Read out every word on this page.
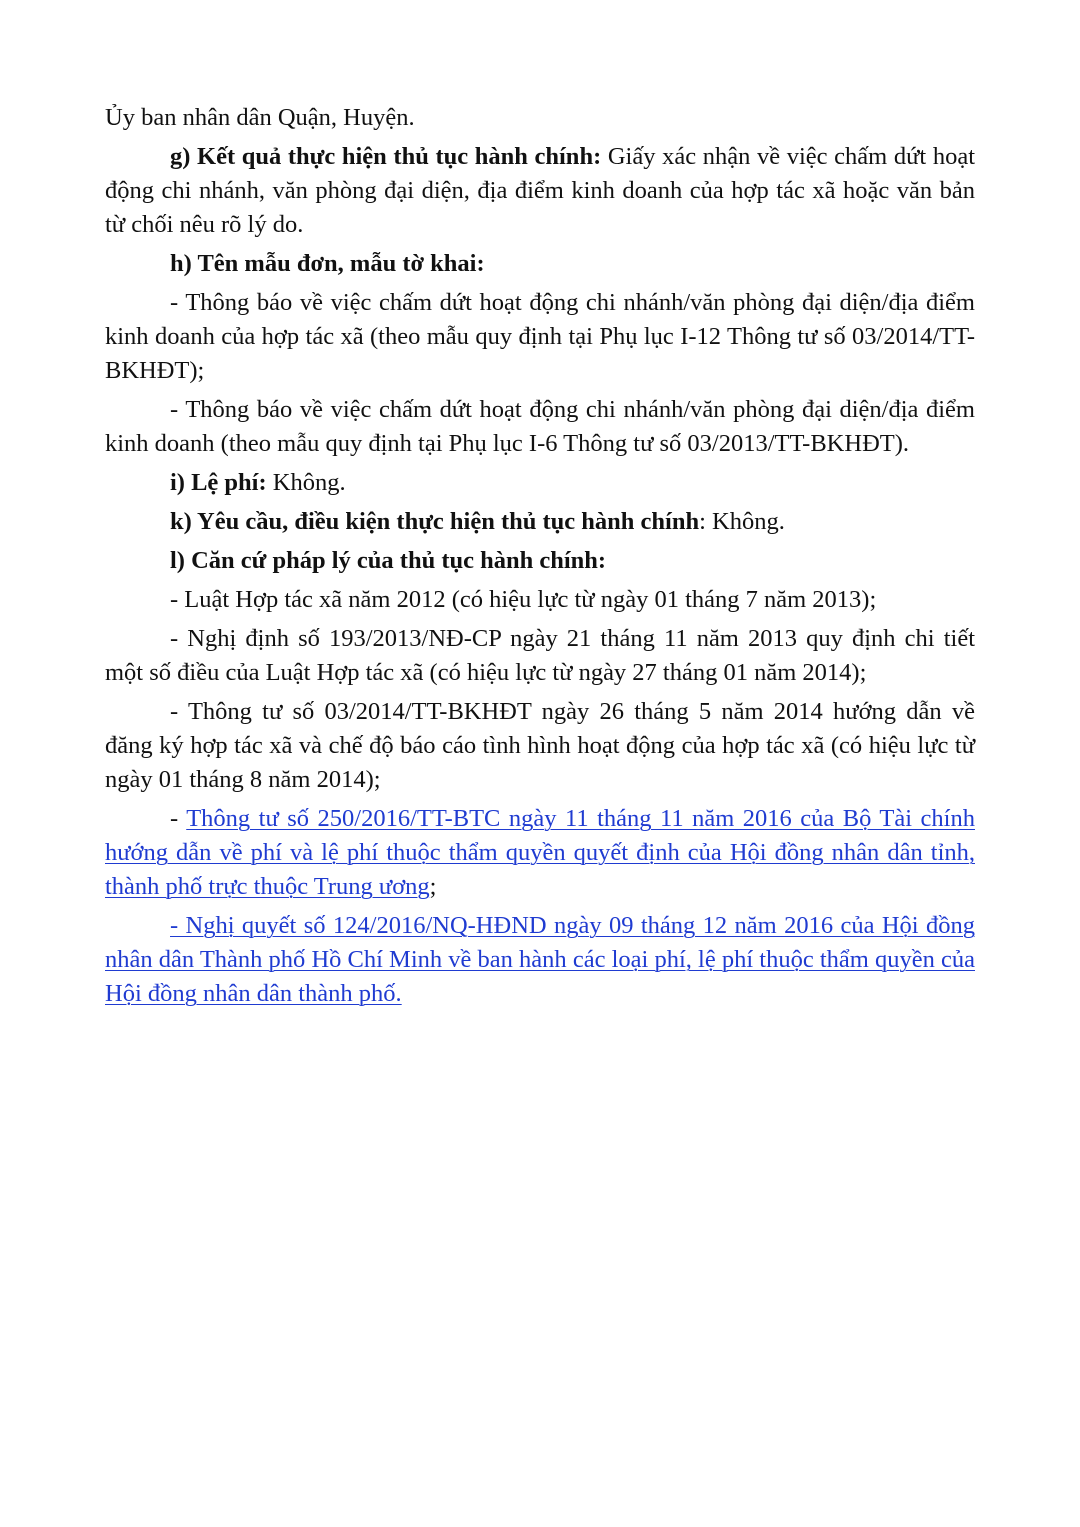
Ủy ban nhân dân Quận, Huyện.

g) Kết quả thực hiện thủ tục hành chính: Giấy xác nhận về việc chấm dứt hoạt động chi nhánh, văn phòng đại diện, địa điểm kinh doanh của hợp tác xã hoặc văn bản từ chối nêu rõ lý do.

h) Tên mẫu đơn, mẫu tờ khai:

- Thông báo về việc chấm dứt hoạt động chi nhánh/văn phòng đại diện/địa điểm kinh doanh của hợp tác xã (theo mẫu quy định tại Phụ lục I-12 Thông tư số 03/2014/TT-BKHĐT);

- Thông báo về việc chấm dứt hoạt động chi nhánh/văn phòng đại diện/địa điểm kinh doanh (theo mẫu quy định tại Phụ lục I-6 Thông tư số 03/2013/TT-BKHĐT).

i) Lệ phí: Không.

k) Yêu cầu, điều kiện thực hiện thủ tục hành chính: Không.

l) Căn cứ pháp lý của thủ tục hành chính:

- Luật Hợp tác xã năm 2012 (có hiệu lực từ ngày 01 tháng 7 năm 2013);

- Nghị định số 193/2013/NĐ-CP ngày 21 tháng 11 năm 2013 quy định chi tiết một số điều của Luật Hợp tác xã (có hiệu lực từ ngày 27 tháng 01 năm 2014);

- Thông tư số 03/2014/TT-BKHĐT ngày 26 tháng 5 năm 2014 hướng dẫn về đăng ký hợp tác xã và chế độ báo cáo tình hình hoạt động của hợp tác xã (có hiệu lực từ ngày 01 tháng 8 năm 2014);

- Thông tư số 250/2016/TT-BTC ngày 11 tháng 11 năm 2016 của Bộ Tài chính hướng dẫn về phí và lệ phí thuộc thẩm quyền quyết định của Hội đồng nhân dân tỉnh, thành phố trực thuộc Trung ương;

- Nghị quyết số 124/2016/NQ-HĐND ngày 09 tháng 12 năm 2016 của Hội đồng nhân dân Thành phố Hồ Chí Minh về ban hành các loại phí, lệ phí thuộc thẩm quyền của Hội đồng nhân dân thành phố.
